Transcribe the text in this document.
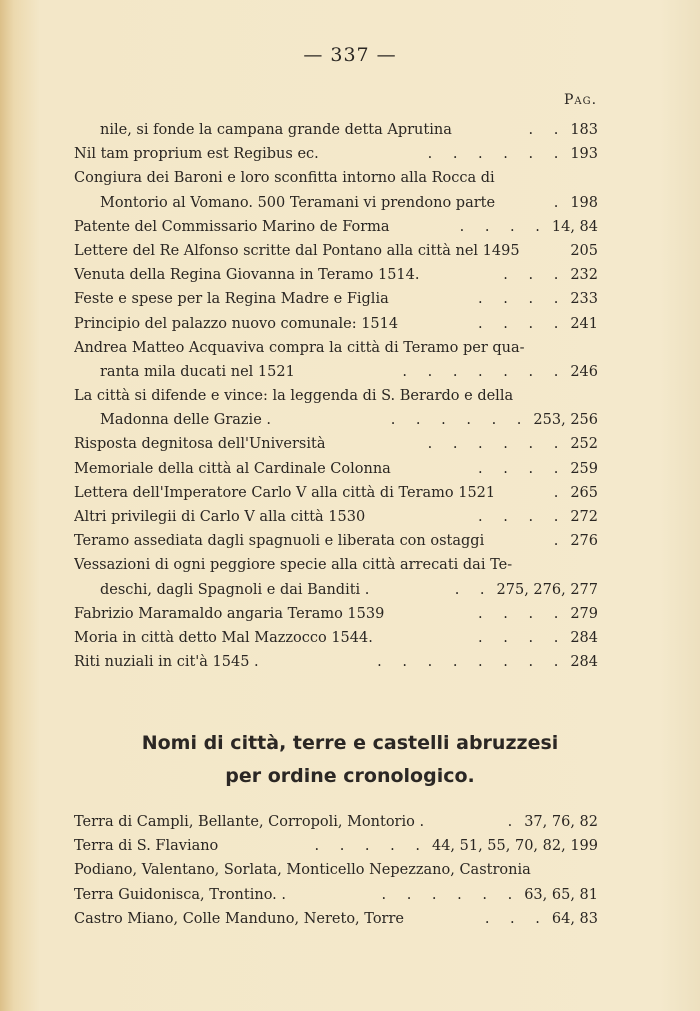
— 337 —
Pag.
nile, si fonde la campana grande detta Aprutina	. . 183
Nil tam proprium est Regibus ec.	. . . . . . 193
Congiura dei Baroni e loro sconfitta intorno alla Rocca di
Montorio al Vomano. 500 Teramani vi prendono parte	. 198
Patente del Commissario Marino de Forma	. . . . 14, 84
Lettere del Re Alfonso scritte dal Pontano alla città nel 1495	205
Venuta della Regina Giovanna in Teramo 1514.	. . . 232
Feste e spese per la Regina Madre e Figlia	. . . . 233
Principio del palazzo nuovo comunale: 1514	. . . . 241
Andrea Matteo Acquaviva compra la città di Teramo per qua-
ranta mila ducati nel 1521	. . . . . . . 246
La città si difende e vince: la leggenda di S. Berardo e della
Madonna delle Grazie .	. . . . . . 253, 256
Risposta degnitosa dell'Università	. . . . . . 252
Memoriale della città al Cardinale Colonna	. . . . 259
Lettera dell'Imperatore Carlo V alla città di Teramo 1521	. 265
Altri privilegii di Carlo V alla città 1530	. . . . 272
Teramo assediata dagli spagnuoli e liberata con ostaggi	. 276
Vessazioni di ogni peggiore specie alla città arrecati dai Te-
deschi, dagli Spagnoli e dai Banditi .	. . 275, 276, 277
Fabrizio Maramaldo angaria Teramo 1539	. . . . 279
Moria in città detto Mal Mazzocco 1544.	. . . . 284
Riti nuziali in cit'à 1545 .	. . . . . . . . 284
Nomi di città, terre e castelli abruzzesi
per ordine cronologico.
Terra di Campli, Bellante, Corropoli, Montorio .	. 37, 76, 82
Terra di S. Flaviano	. . . . . 44, 51, 55, 70, 82, 199
Podiano, Valentano, Sorlata, Monticello Nepezzano, Castronia
Terra Guidonisca, Trontino. .	. . . . . . 63, 65, 81
Castro Miano, Colle Manduno, Nereto, Torre	. . . 64, 83
